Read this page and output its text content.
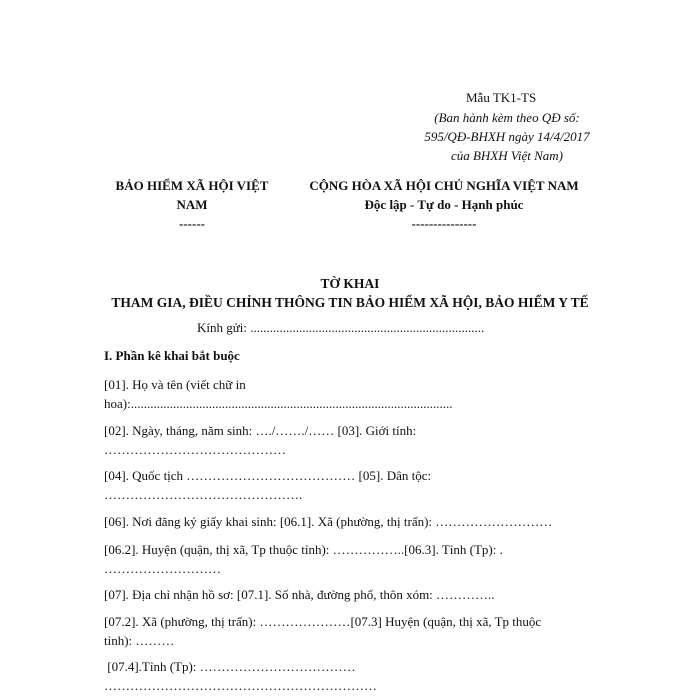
Mẫu TK1-TS
(Ban hành kèm theo QĐ số:
595/QĐ-BHXH ngày 14/4/2017
của BHXH Việt Nam)
BẢO HIỂM XÃ HỘI VIỆT
NAM
------
CỘNG HÒA XÃ HỘI CHỦ NGHĨA VIỆT NAM
Độc lập - Tự do - Hạnh phúc
---------------
TỜ KHAI
THAM GIA, ĐIỀU CHỈNH THÔNG TIN BẢO HIỂM XÃ HỘI, BẢO HIỂM Y TẾ
Kính gửi: ........................................................................
I. Phần kê khai bắt buộc
[01]. Họ và tên (viết chữ in
hoa):...................................................................................................
[02]. Ngày, tháng, năm sinh: …./……./…… [03]. Giới tính:
……………………………………
[04]. Quốc tịch ………………………………… [05]. Dân tộc:
……………………………………….
[06]. Nơi đăng ký giấy khai sinh: [06.1]. Xã (phường, thị trấn): ………………………
[06.2]. Huyện (quận, thị xã, Tp thuộc tỉnh): ……………..[06.3]. Tỉnh (Tp): .
………………………
[07]. Địa chỉ nhận hồ sơ: [07.1]. Số nhà, đường phố, thôn xóm: …………..
[07.2]. Xã (phường, thị trấn): …………………[07.3] Huyện (quận, thị xã, Tp thuộc
tỉnh): ………
[07.4].Tỉnh (Tp): ………………………………
………………………………………………………
